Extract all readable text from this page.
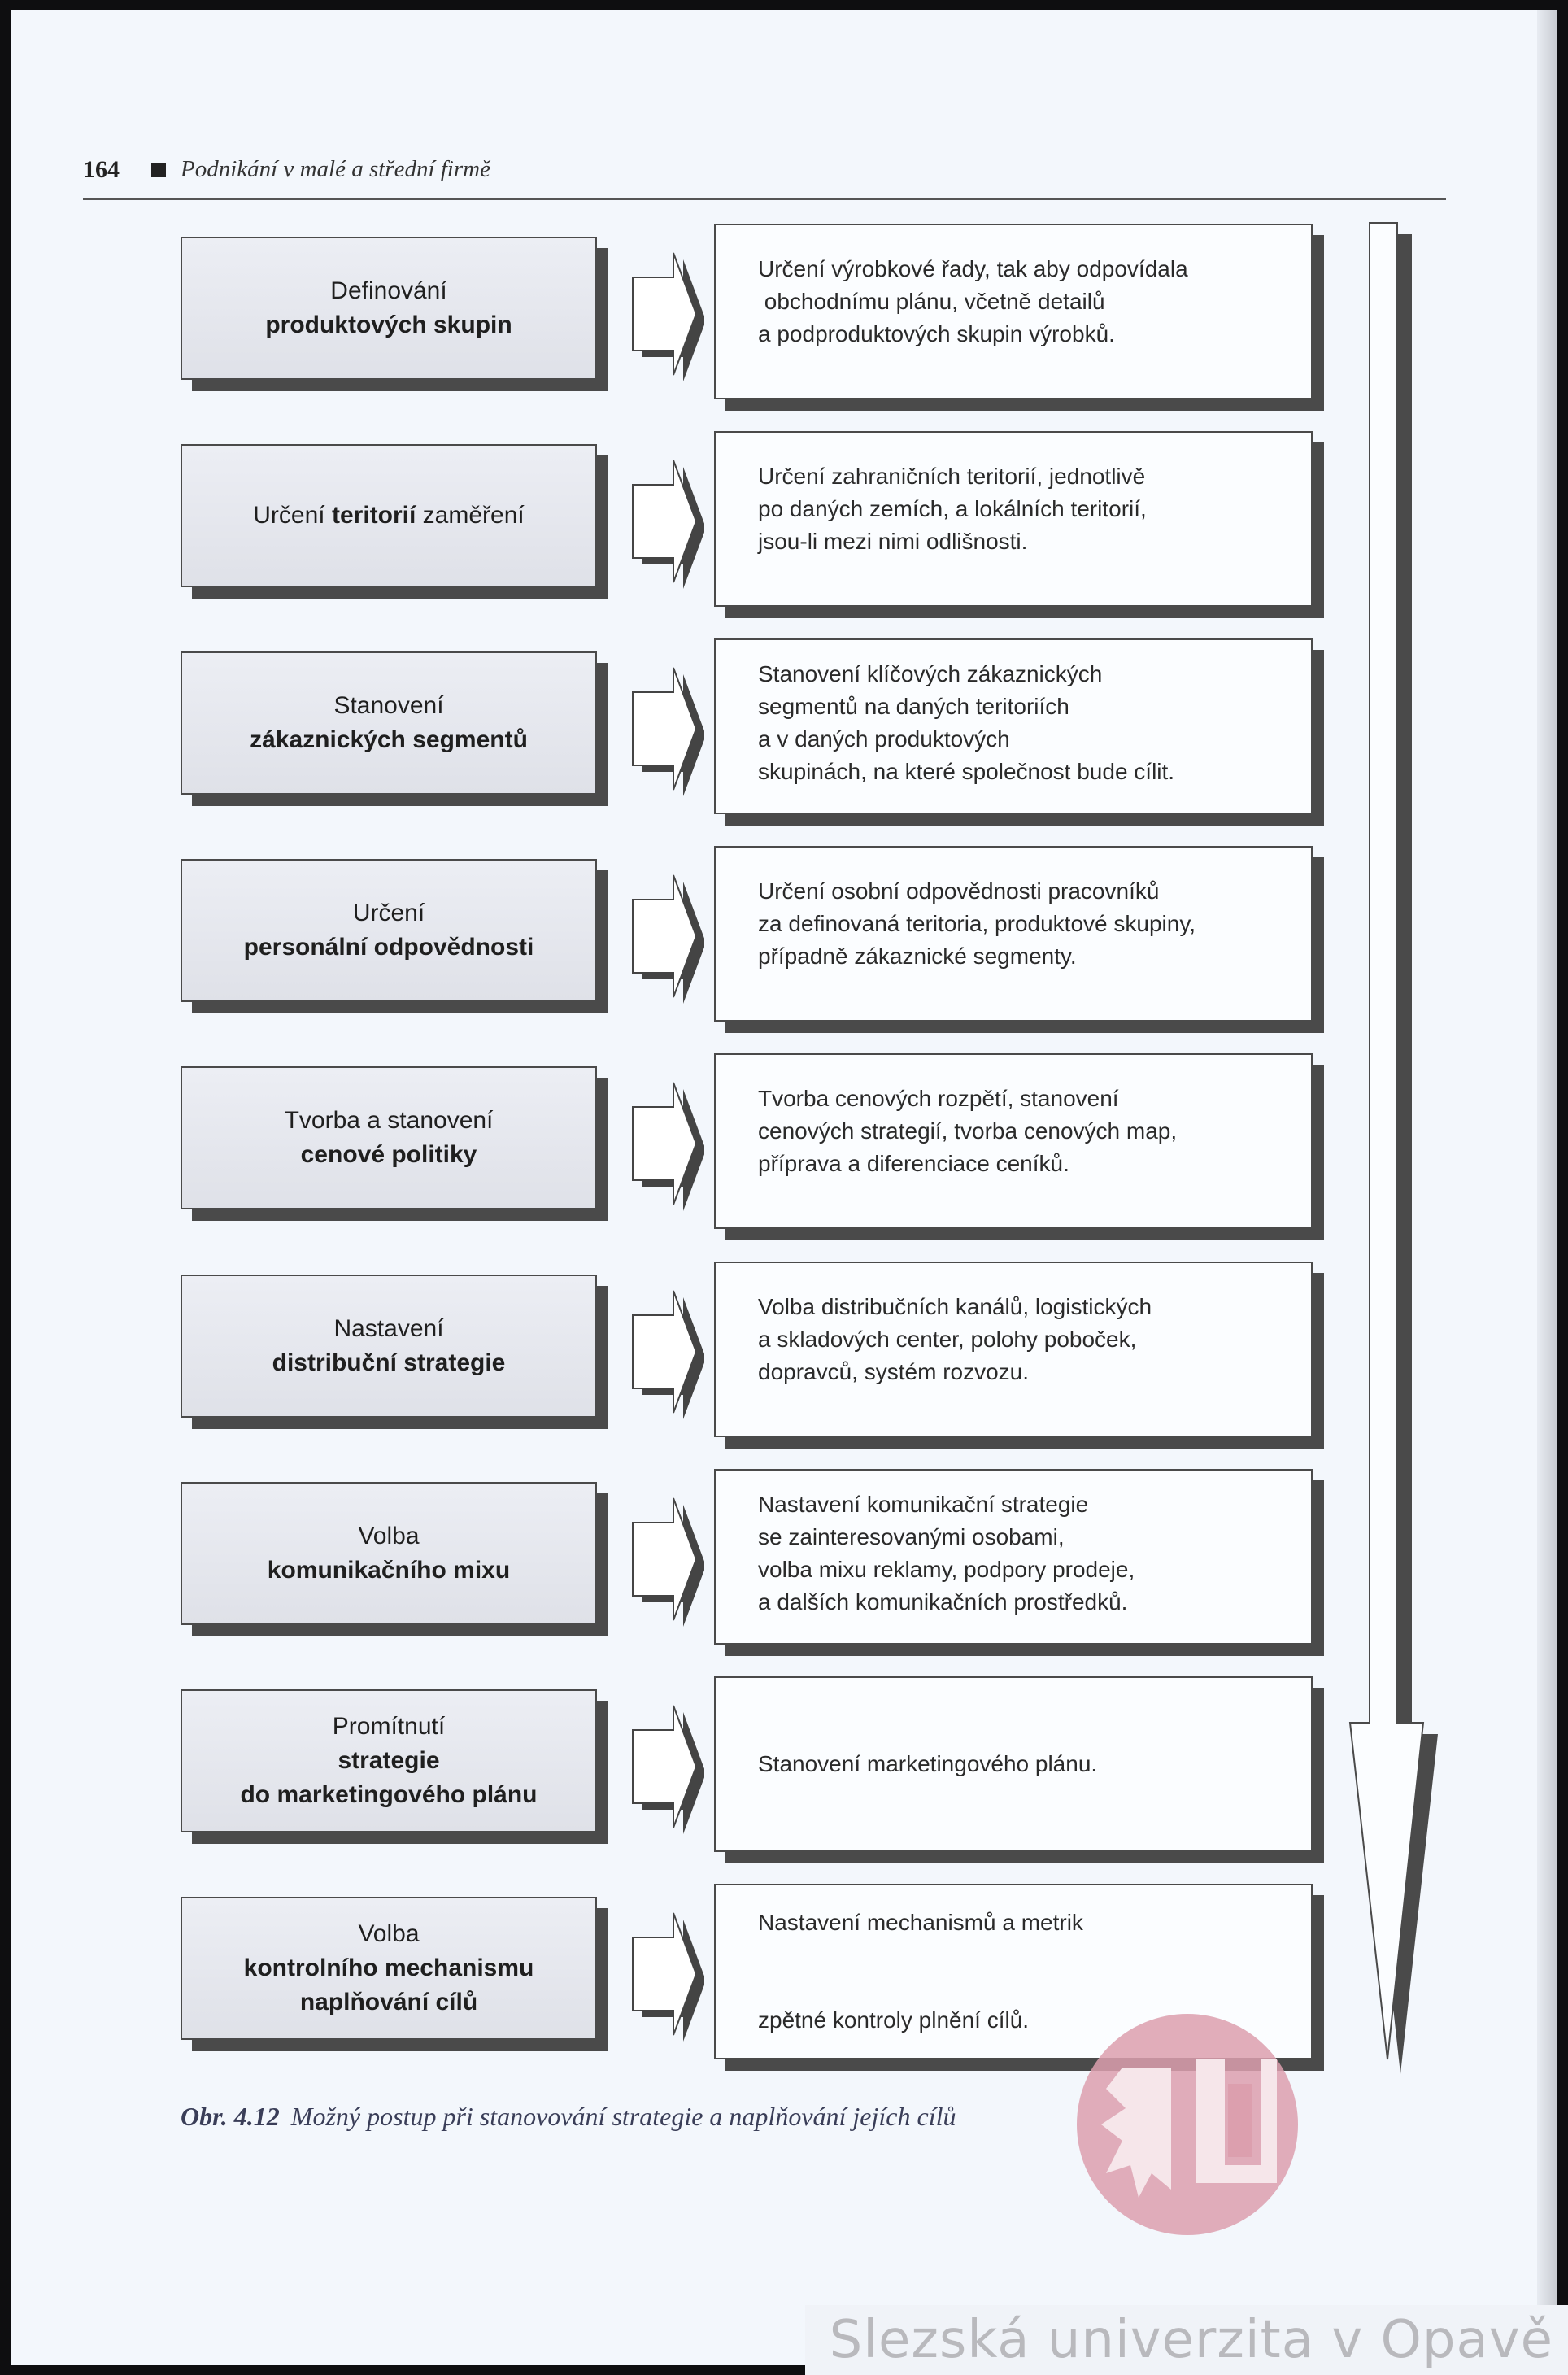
164	Podnikání v malé a střední firmě
Definování
produktových skupin
Určení výrobkové řady, tak aby odpovídala
obchodnímu plánu, včetně detailů
a podproduktových skupin výrobků.
Určení teritorií zaměření
Určení zahraničních teritorií, jednotlivě
po daných zemích, a lokálních teritorií,
jsou-li mezi nimi odlišnosti.
Stanovení
zákaznických segmentů
Stanovení klíčových zákaznických
segmentů na daných teritoriích
a v daných produktových
skupinách, na které společnost bude cílit.
Určení
personální odpovědnosti
Určení osobní odpovědnosti pracovníků
za definovaná teritoria, produktové skupiny,
případně zákaznické segmenty.
Tvorba a stanovení
cenové politiky
Tvorba cenových rozpětí, stanovení
cenových strategií, tvorba cenových map,
příprava a diferenciace ceníků.
Nastavení
distribuční strategie
Volba distribučních kanálů, logistických
a skladových center, polohy poboček,
dopravců, systém rozvozu.
Volba
komunikačního mixu
Nastavení komunikační strategie
se zainteresovanými osobami,
volba mixu reklamy, podpory prodeje,
a dalších komunikačních prostředků.
Promítnutí
strategie
do marketingového plánu
Stanovení marketingového plánu.
Volba
kontrolního mechanismu
naplňování cílů

Nastavení mechanismů a metrik

zpětné kontroly plnění cílů.

Obr. 4.12 Možný postup při stanovování strategie a naplňování jejích cílů
Slezská univerzita v Opavě
